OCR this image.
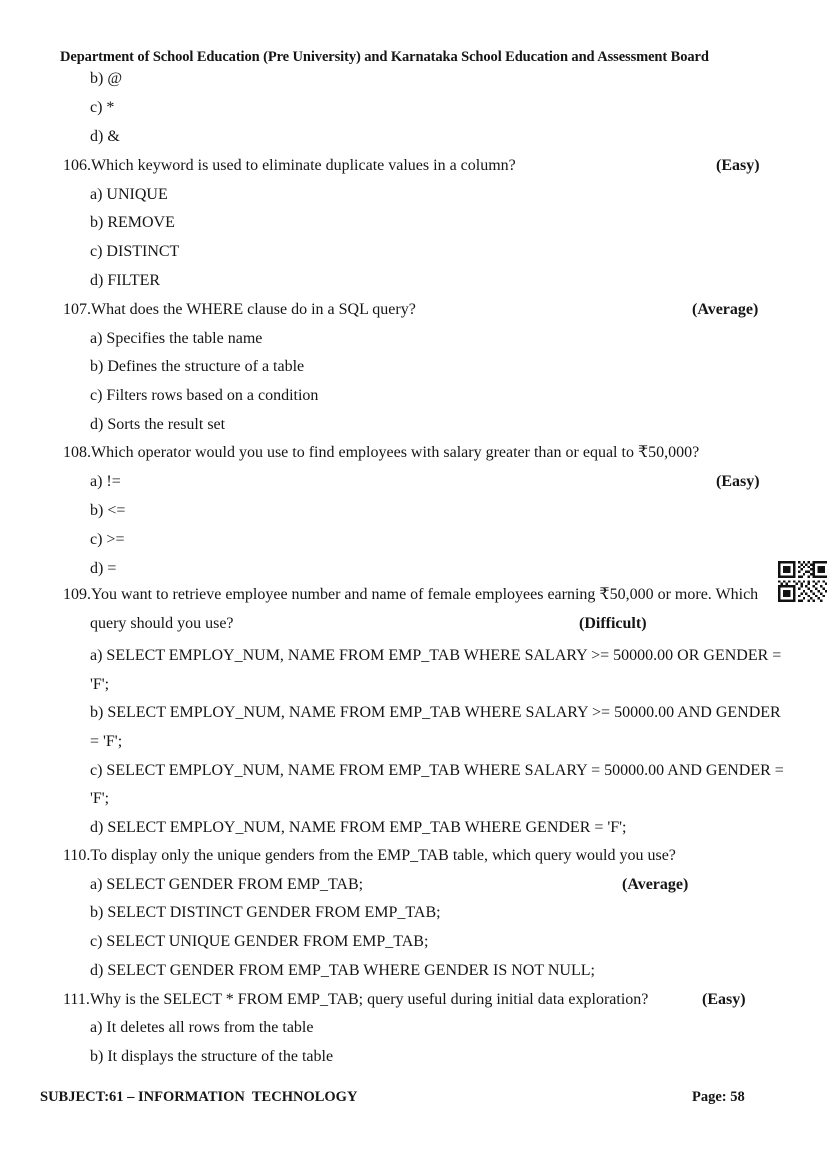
Department of School Education (Pre University) and Karnataka School Education and Assessment Board
b) @
c) *
d) &
106.Which keyword is used to eliminate duplicate values in a column?	(Easy)
a) UNIQUE
b) REMOVE
c) DISTINCT
d) FILTER
107.What does the WHERE clause do in a SQL query?	(Average)
a) Specifies the table name
b) Defines the structure of a table
c) Filters rows based on a condition
d) Sorts the result set
108.Which operator would you use to find employees with salary greater than or equal to ₹50,000?
(Easy)
a) !=
b) <=
c) >=
d) =
109.You want to retrieve employee number and name of female employees earning ₹50,000 or more. Which
query should you use?	(Difficult)
a) SELECT EMPLOY_NUM, NAME FROM EMP_TAB WHERE SALARY >= 50000.00 OR GENDER =
'F';
b) SELECT EMPLOY_NUM, NAME FROM EMP_TAB WHERE SALARY >= 50000.00 AND GENDER
= 'F';
c) SELECT EMPLOY_NUM, NAME FROM EMP_TAB WHERE SALARY = 50000.00 AND GENDER =
'F';
d) SELECT EMPLOY_NUM, NAME FROM EMP_TAB WHERE GENDER = 'F';
110.To display only the unique genders from the EMP_TAB table, which query would you use?
(Average)
a) SELECT GENDER FROM EMP_TAB;
b) SELECT DISTINCT GENDER FROM EMP_TAB;
c) SELECT UNIQUE GENDER FROM EMP_TAB;
d) SELECT GENDER FROM EMP_TAB WHERE GENDER IS NOT NULL;
111.Why is the SELECT * FROM EMP_TAB; query useful during initial data exploration?	(Easy)
a) It deletes all rows from the table
b) It displays the structure of the table
SUBJECT:61 – INFORMATION  TECHNOLOGY	Page: 58
